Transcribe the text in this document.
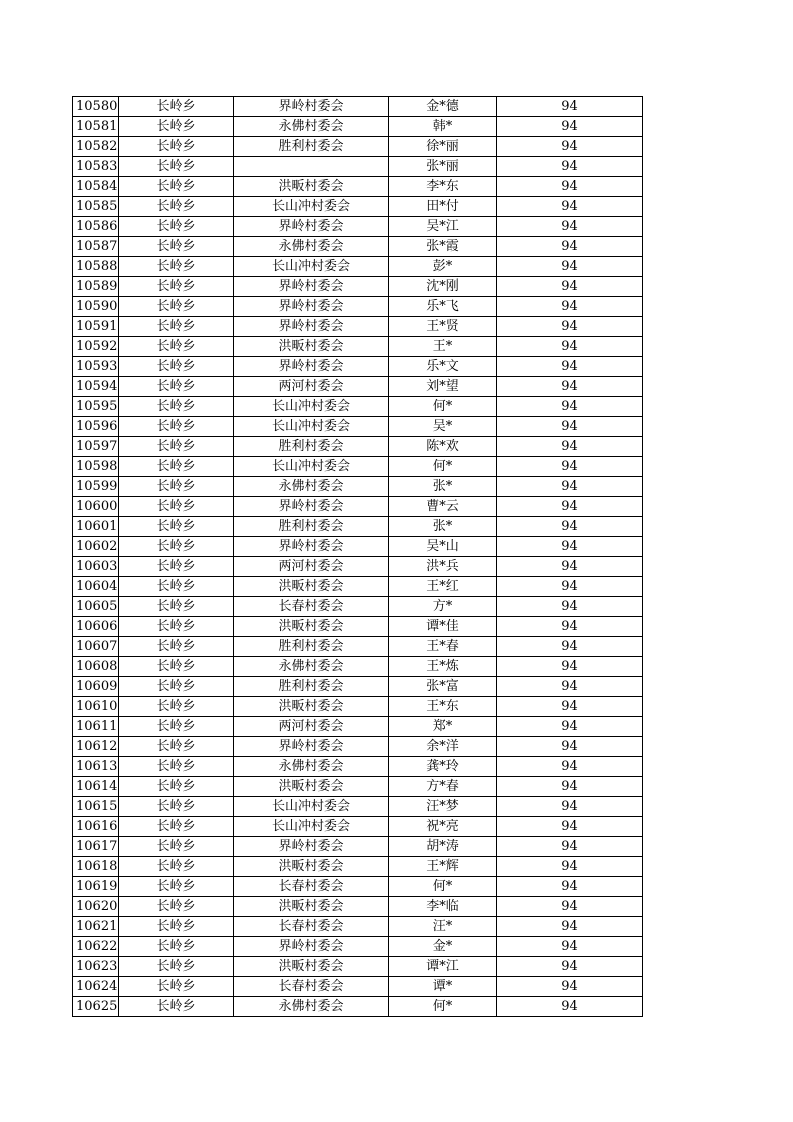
10580	长岭乡	界岭村委会	金*德	94
10581	长岭乡	永佛村委会	韩*	94
10582	长岭乡	胜利村委会	徐*丽	94
10583	长岭乡		张*丽	94
10584	长岭乡	洪畈村委会	李*东	94
10585	长岭乡	长山冲村委会	田*付	94
10586	长岭乡	界岭村委会	吴*江	94
10587	长岭乡	永佛村委会	张*霞	94
10588	长岭乡	长山冲村委会	彭*	94
10589	长岭乡	界岭村委会	沈*刚	94
10590	长岭乡	界岭村委会	乐*飞	94
10591	长岭乡	界岭村委会	王*贤	94
10592	长岭乡	洪畈村委会	王*	94
10593	长岭乡	界岭村委会	乐*文	94
10594	长岭乡	两河村委会	刘*望	94
10595	长岭乡	长山冲村委会	何*	94
10596	长岭乡	长山冲村委会	吴*	94
10597	长岭乡	胜利村委会	陈*欢	94
10598	长岭乡	长山冲村委会	何*	94
10599	长岭乡	永佛村委会	张*	94
10600	长岭乡	界岭村委会	曹*云	94
10601	长岭乡	胜利村委会	张*	94
10602	长岭乡	界岭村委会	吴*山	94
10603	长岭乡	两河村委会	洪*兵	94
10604	长岭乡	洪畈村委会	王*红	94
10605	长岭乡	长春村委会	方*	94
10606	长岭乡	洪畈村委会	谭*佳	94
10607	长岭乡	胜利村委会	王*春	94
10608	长岭乡	永佛村委会	王*炼	94
10609	长岭乡	胜利村委会	张*富	94
10610	长岭乡	洪畈村委会	王*东	94
10611	长岭乡	两河村委会	郑*	94
10612	长岭乡	界岭村委会	余*洋	94
10613	长岭乡	永佛村委会	龚*玲	94
10614	长岭乡	洪畈村委会	方*春	94
10615	长岭乡	长山冲村委会	汪*梦	94
10616	长岭乡	长山冲村委会	祝*亮	94
10617	长岭乡	界岭村委会	胡*涛	94
10618	长岭乡	洪畈村委会	王*辉	94
10619	长岭乡	长春村委会	何*	94
10620	长岭乡	洪畈村委会	李*临	94
10621	长岭乡	长春村委会	汪*	94
10622	长岭乡	界岭村委会	金*	94
10623	长岭乡	洪畈村委会	谭*江	94
10624	长岭乡	长春村委会	谭*	94
10625	长岭乡	永佛村委会	何*	94
